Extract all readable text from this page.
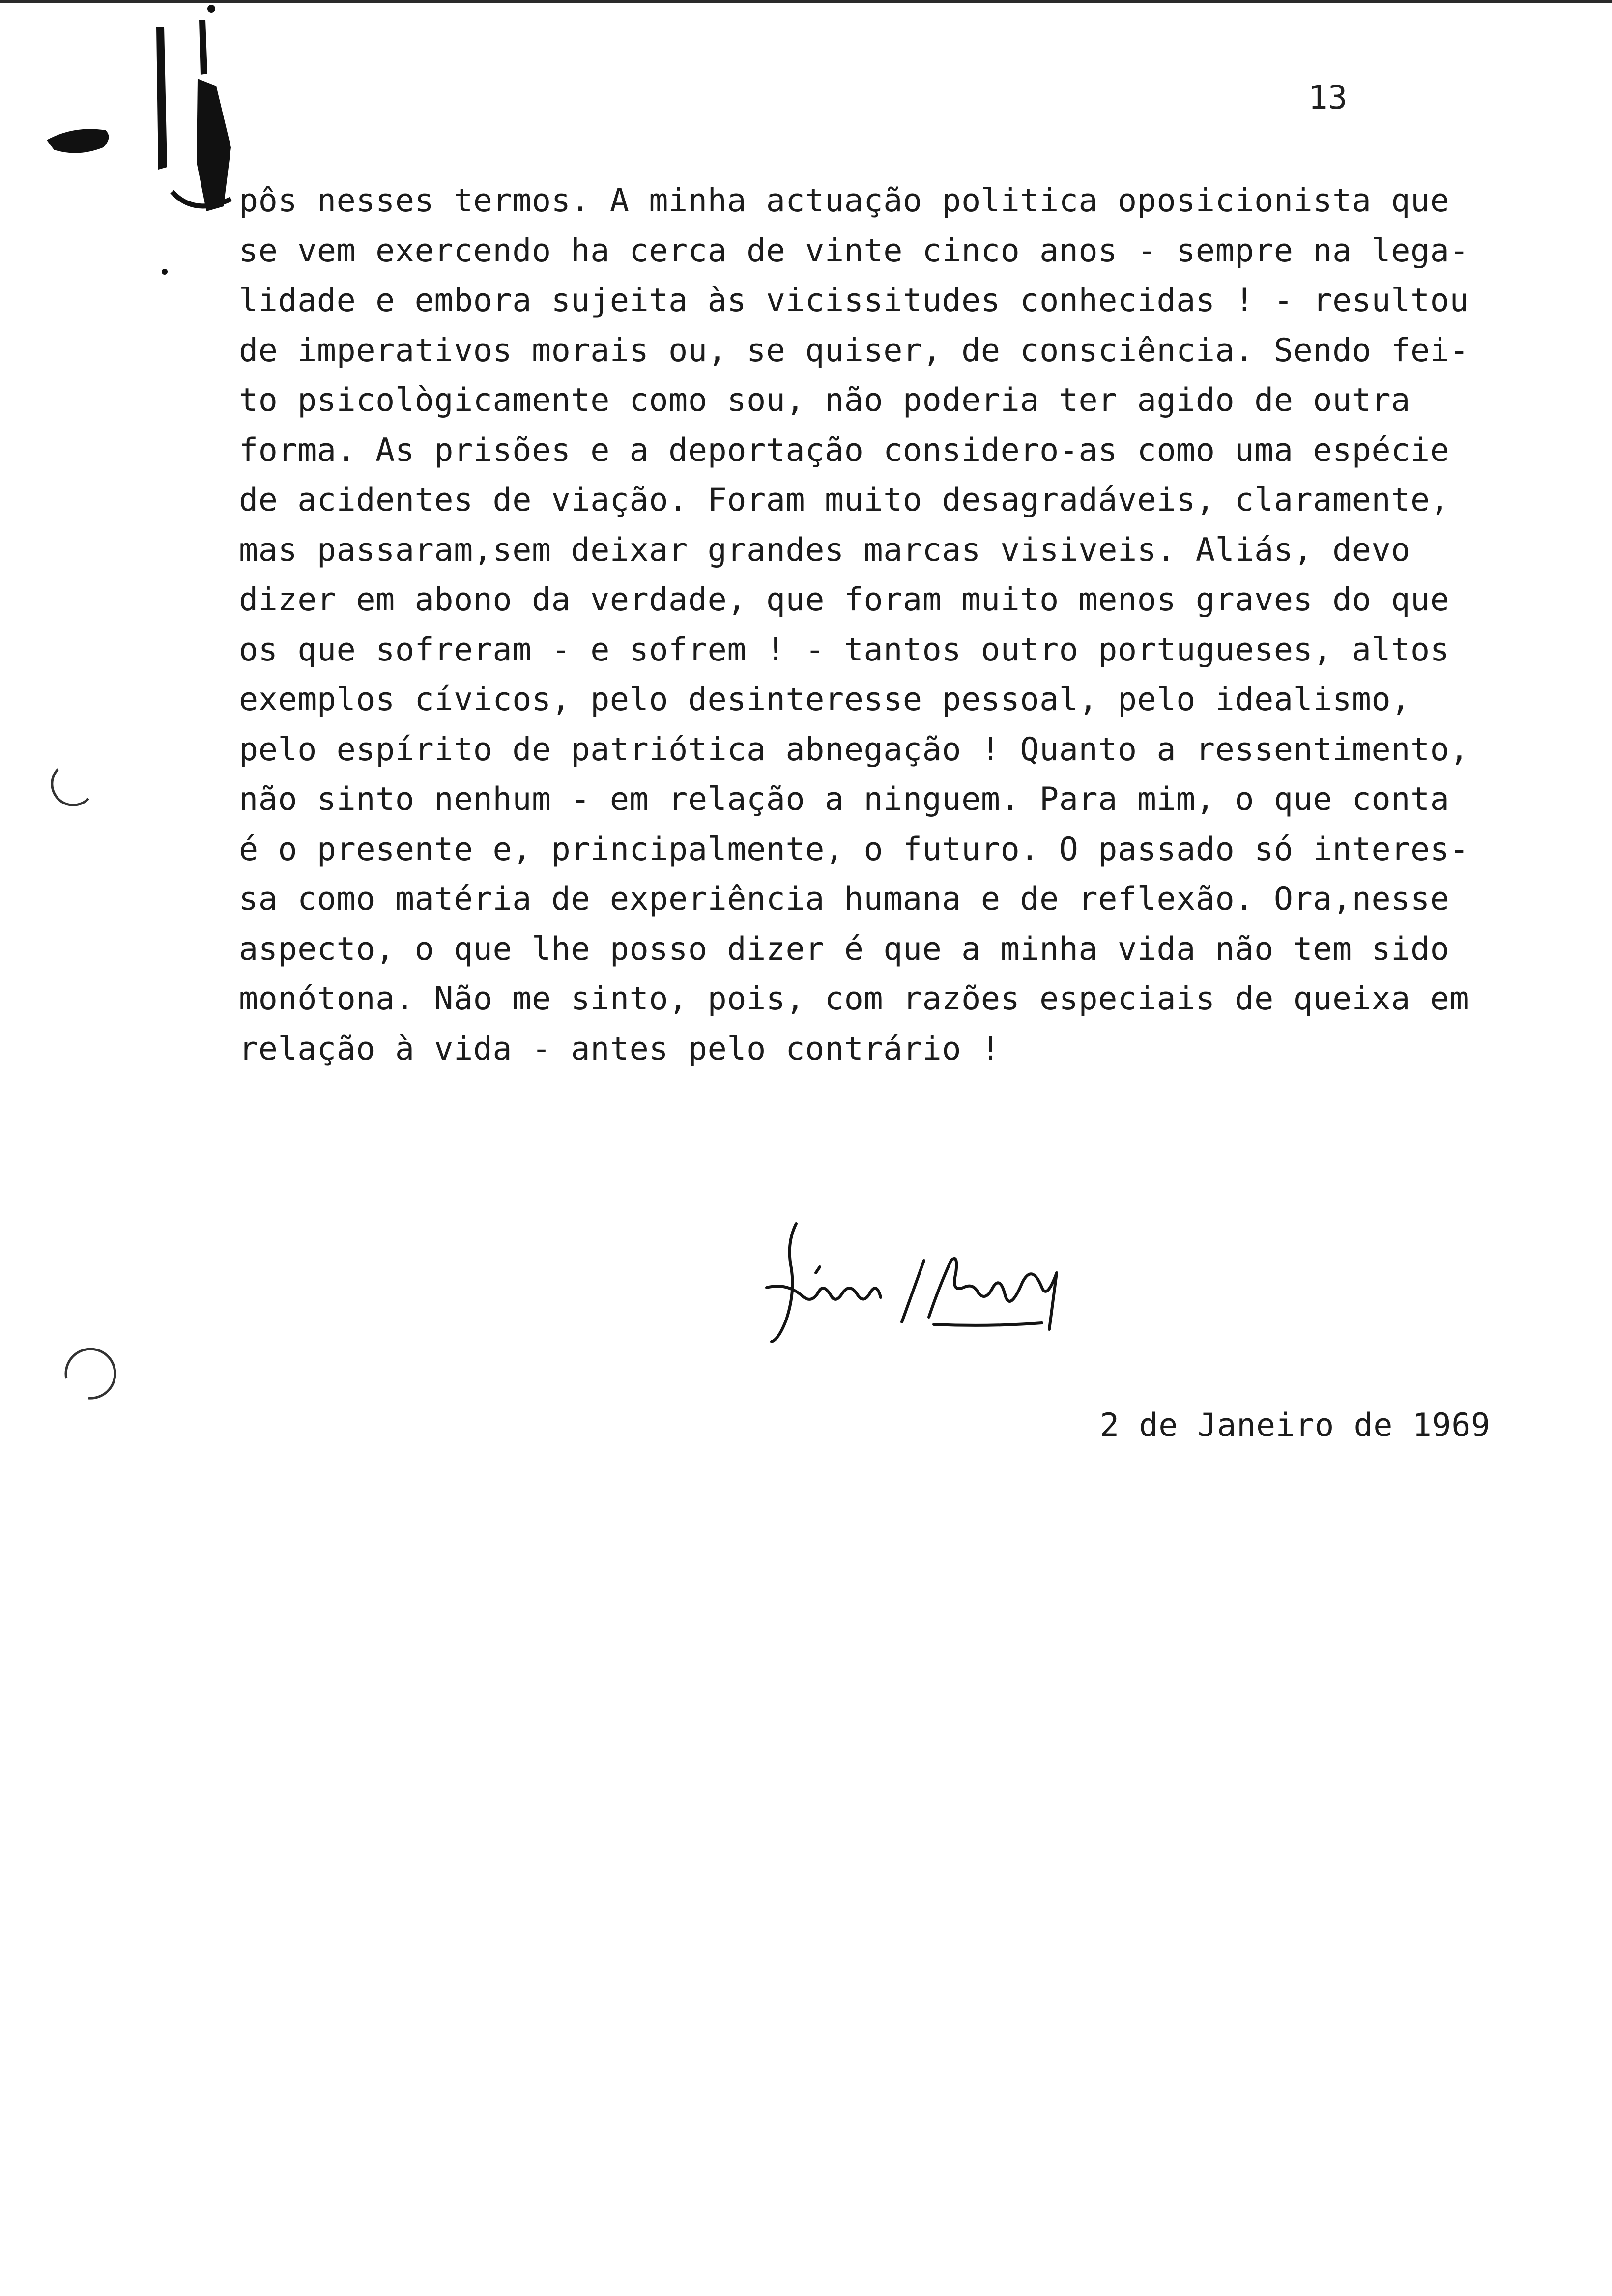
13
pôs nesses termos. A minha actuação politica oposicionista que
se vem exercendo ha cerca de vinte cinco anos - sempre na lega-
lidade e embora sujeita às vicissitudes conhecidas ! - resultou
de imperativos morais ou, se quiser, de consciência. Sendo fei-
to psicològicamente como sou, não poderia ter agido de outra
forma. As prisões e a deportação considero-as como uma espécie
de acidentes de viação. Foram muito desagradáveis, claramente,
mas passaram,sem deixar grandes marcas visiveis. Aliás, devo
dizer em abono da verdade, que foram muito menos graves do que
os que sofreram - e sofrem ! - tantos outro portugueses, altos
exemplos cívicos, pelo desinteresse pessoal, pelo idealismo,
pelo espírito de patriótica abnegação ! Quanto a ressentimento,
não sinto nenhum - em relação a ninguem. Para mim, o que conta
é o presente e, principalmente, o futuro. O passado só interes-
sa como matéria de experiência humana e de reflexão. Ora,nesse
aspecto, o que lhe posso dizer é que a minha vida não tem sido
monótona. Não me sinto, pois, com razões especiais de queixa em
relação à vida - antes pelo contrário !
2 de Janeiro de 1969
